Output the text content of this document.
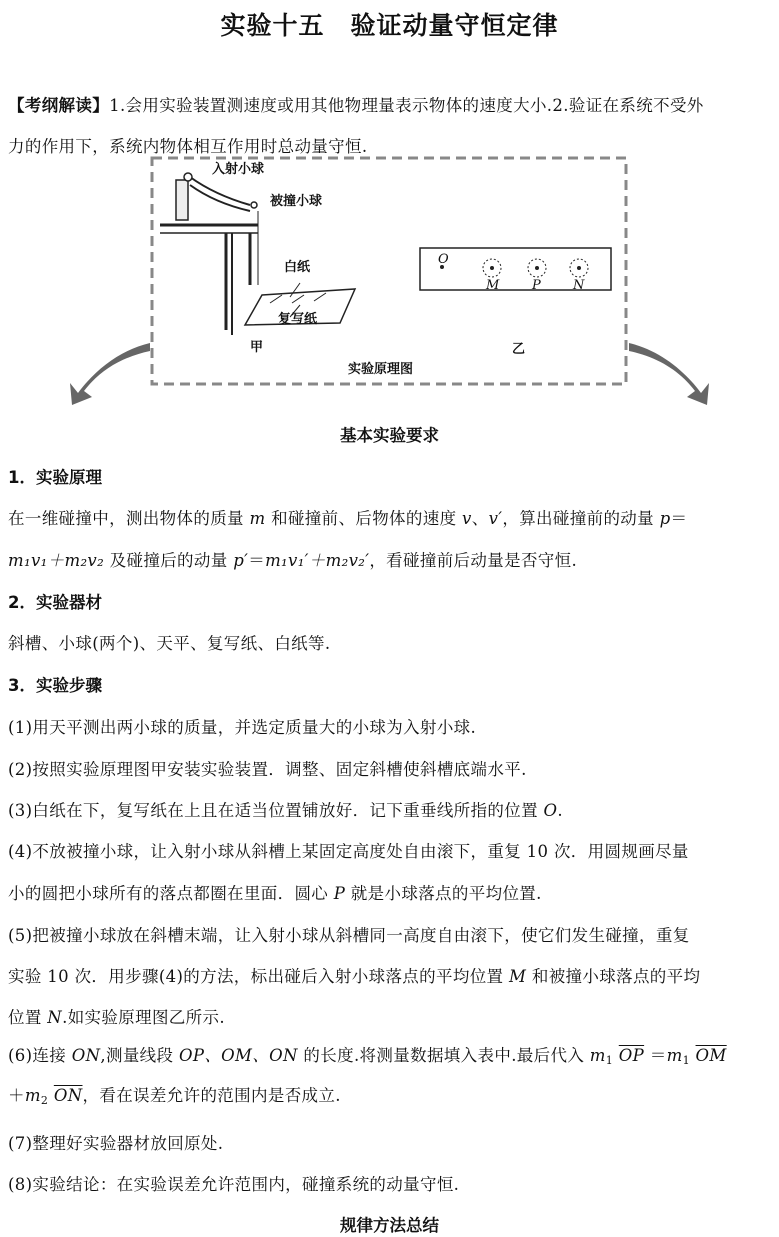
实验十五　验证动量守恒定律
【考纲解读】1.会用实验装置测速度或用其他物理量表示物体的速度大小.2.验证在系统不受外
力的作用下，系统内物体相互作用时总动量守恒.
入射小球
被撞小球
白纸
复写纸
甲	乙
实验原理图
O
M	P N
基本实验要求
1．实验原理
在一维碰撞中，测出物体的质量 m 和碰撞前、后物体的速度 v、v′，算出碰撞前的动量 p＝
m₁v₁＋m₂v₂ 及碰撞后的动量 p′＝m₁v₁′＋m₂v₂′，看碰撞前后动量是否守恒.
2．实验器材
斜槽、小球(两个)、天平、复写纸、白纸等.
3．实验步骤
(1)用天平测出两小球的质量，并选定质量大的小球为入射小球.
(2)按照实验原理图甲安装实验装置．调整、固定斜槽使斜槽底端水平.
(3)白纸在下，复写纸在上且在适当位置铺放好．记下重垂线所指的位置 O.
(4)不放被撞小球，让入射小球从斜槽上某固定高度处自由滚下，重复 10 次．用圆规画尽量
小的圆把小球所有的落点都圈在里面．圆心 P 就是小球落点的平均位置.
(5)把被撞小球放在斜槽末端，让入射小球从斜槽同一高度自由滚下，使它们发生碰撞，重复
实验 10 次．用步骤(4)的方法，标出碰后入射小球落点的平均位置 M 和被撞小球落点的平均
位置 N.如实验原理图乙所示.
(6)连接 ON,测量线段 OP、OM、ON 的长度.将测量数据填入表中.最后代入 $m_1$ $\overline{OP} =m_1$ $\overline{OM}$
$+m_2$ $\overline{ON}$，看在误差允许的范围内是否成立.
(7)整理好实验器材放回原处.
(8)实验结论：在实验误差允许范围内，碰撞系统的动量守恒.
规律方法总结
